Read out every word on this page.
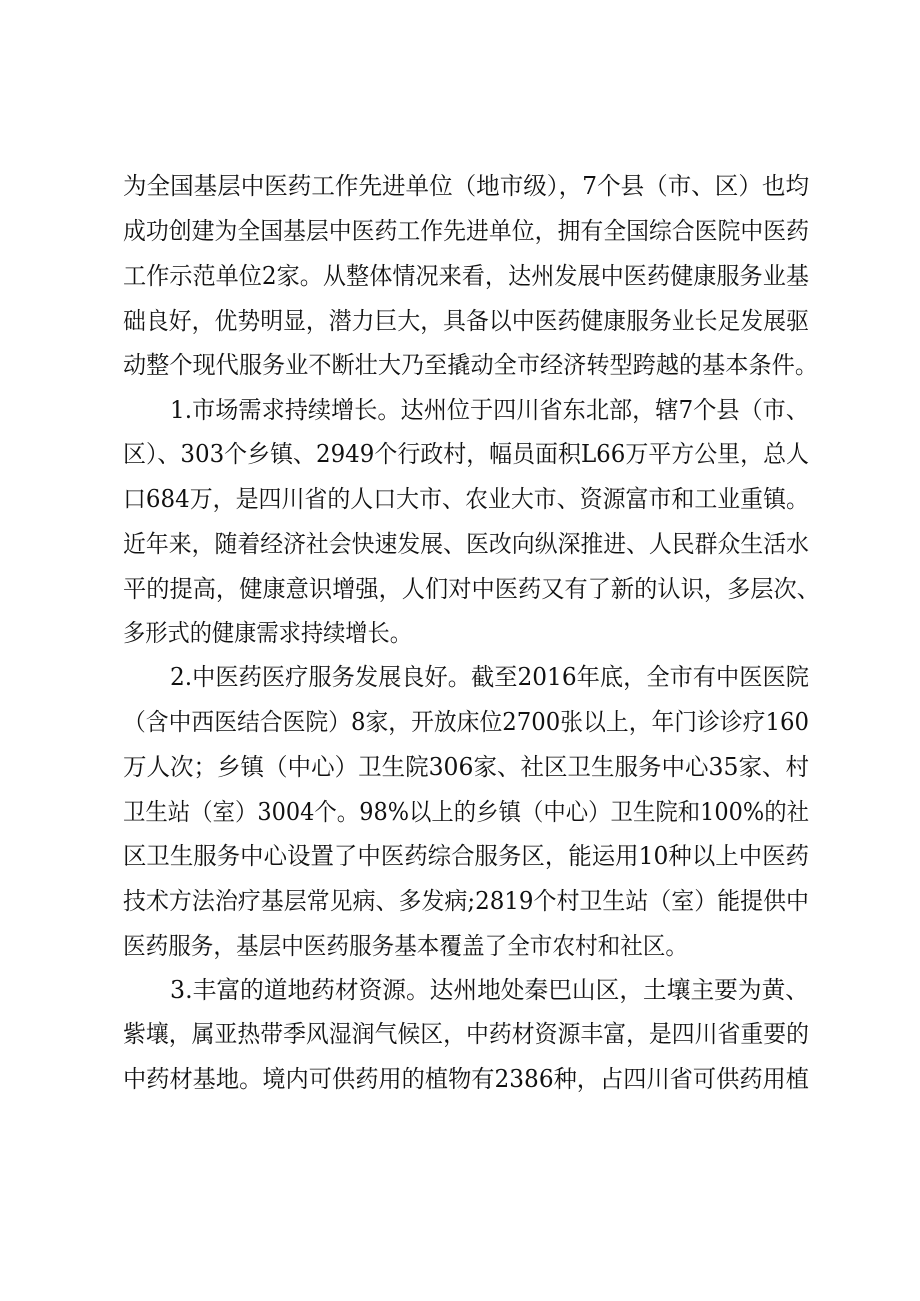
为全国基层中医药工作先进单位（地市级），7个县（市、区）也均

成功创建为全国基层中医药工作先进单位，拥有全国综合医院中医药

工作示范单位2家。从整体情况来看，达州发展中医药健康服务业基

础良好，优势明显，潜力巨大，具备以中医药健康服务业长足发展驱

动整个现代服务业不断壮大乃至撬动全市经济转型跨越的基本条件。

1.市场需求持续增长。达州位于四川省东北部，辖7个县（市、

区）、303个乡镇、2949个行政村，幅员面积L66万平方公里，总人

口684万，是四川省的人口大市、农业大市、资源富市和工业重镇。

近年来，随着经济社会快速发展、医改向纵深推进、人民群众生活水

平的提高，健康意识增强，人们对中医药又有了新的认识，多层次、

多形式的健康需求持续增长。

2.中医药医疗服务发展良好。截至2016年底，全市有中医医院

（含中西医结合医院）8家，开放床位2700张以上，年门诊诊疗160

万人次；乡镇（中心）卫生院306家、社区卫生服务中心35家、村

卫生站（室）3004个。98%以上的乡镇（中心）卫生院和100%的社

区卫生服务中心设置了中医药综合服务区，能运用10种以上中医药

技术方法治疗基层常见病、多发病;2819个村卫生站（室）能提供中

医药服务，基层中医药服务基本覆盖了全市农村和社区。

3.丰富的道地药材资源。达州地处秦巴山区，土壤主要为黄、

紫壤，属亚热带季风湿润气候区，中药材资源丰富，是四川省重要的

中药材基地。境内可供药用的植物有2386种，占四川省可供药用植
